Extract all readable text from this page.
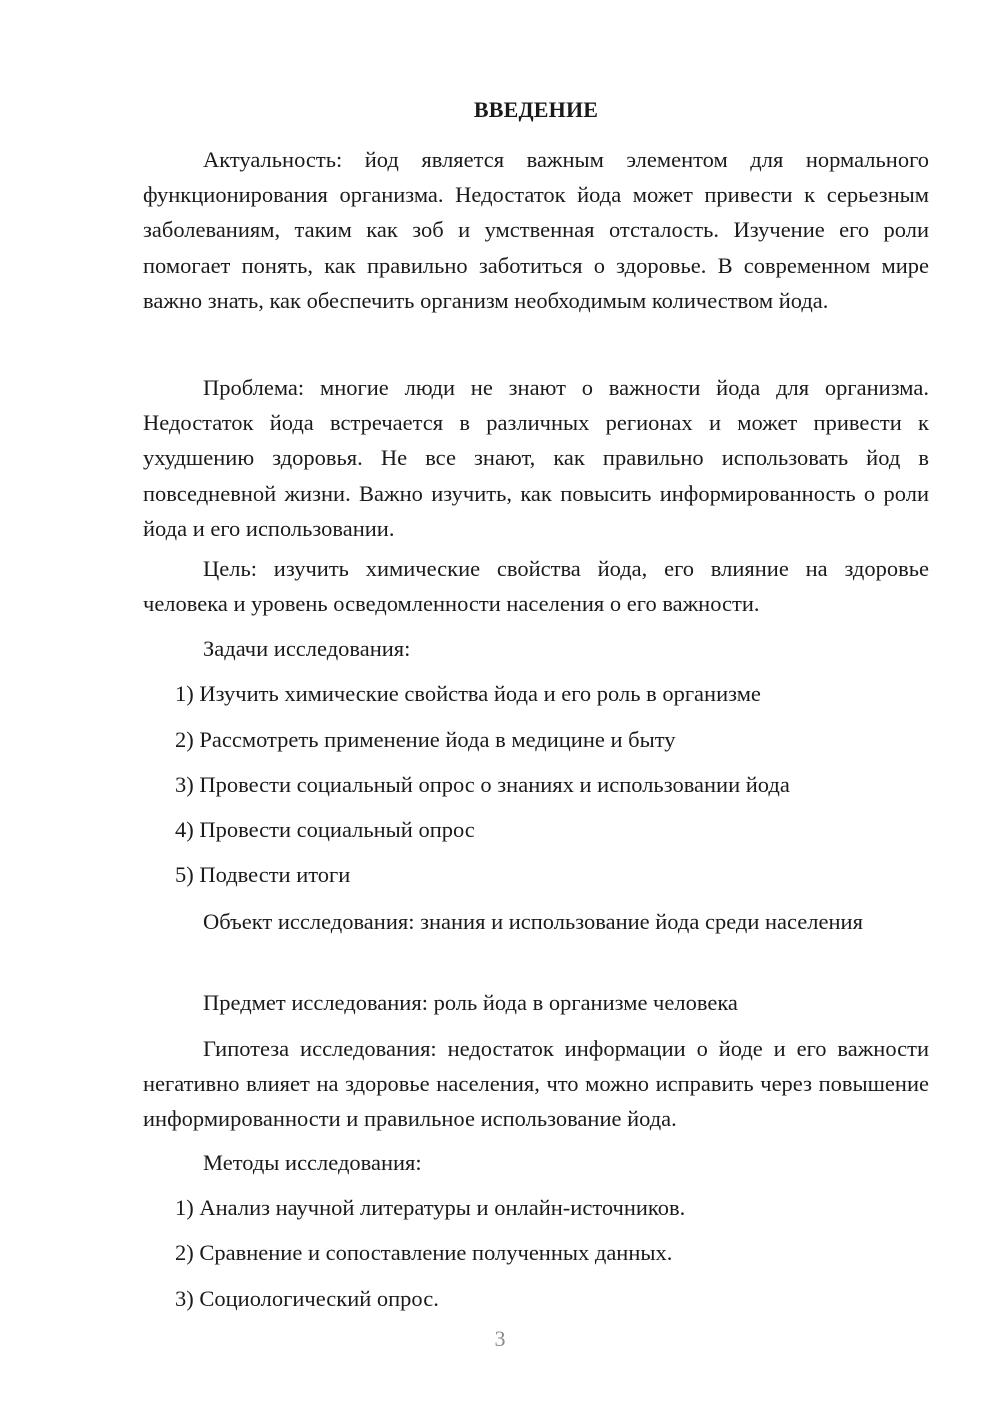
ВВЕДЕНИЕ

Актуальность: йод является важным элементом для нормального функционирования организма. Недостаток йода может привести к серьезным заболеваниям, таким как зоб и умственная отсталость. Изучение его роли помогает понять, как правильно заботиться о здоровье. В современном мире важно знать, как обеспечить организм необходимым количеством йода.

Проблема: многие люди не знают о важности йода для организма. Недостаток йода встречается в различных регионах и может привести к ухудшению здоровья. Не все знают, как правильно использовать йод в повседневной жизни. Важно изучить, как повысить информированность о роли йода и его использовании.

Цель: изучить химические свойства йода, его влияние на здоровье человека и уровень осведомленности населения о его важности.

Задачи исследования:
1) Изучить химические свойства йода и его роль в организме
2) Рассмотреть применение йода в медицине и быту
3) Провести социальный опрос о знаниях и использовании йода
4) Провести социальный опрос
5) Подвести итоги

Объект исследования: знания и использование йода среди населения

Предмет исследования: роль йода в организме человека

Гипотеза исследования: недостаток информации о йоде и его важности негативно влияет на здоровье населения, что можно исправить через повышение информированности и правильное использование йода.

Методы исследования:
1) Анализ научной литературы и онлайн-источников.
2) Сравнение и сопоставление полученных данных.
3) Социологический опрос.
3
